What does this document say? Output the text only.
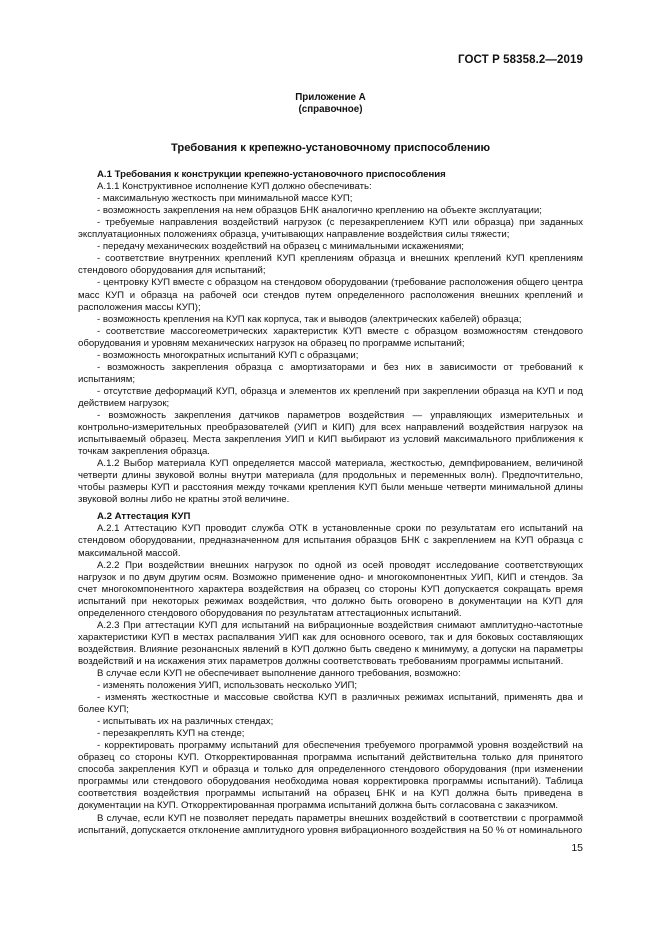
ГОСТ Р 58358.2—2019
Приложение А
(справочное)
Требования к крепежно-установочному приспособлению
А.1 Требования к конструкции крепежно-установочного приспособления

А.1.1 Конструктивное исполнение КУП должно обеспечивать:

- максимальную жесткость при минимальной массе КУП;

- возможность закрепления на нем образцов БНК аналогично креплению на объекте эксплуатации;

- требуемые направления воздействий нагрузок (с перезакреплением КУП или образца) при заданных эксплуатационных положениях образца, учитывающих направление воздействия силы тяжести;

- передачу механических воздействий на образец с минимальными искажениями;

- соответствие внутренних креплений КУП креплениям образца и внешних креплений КУП креплениям стендового оборудования для испытаний;

- центровку КУП вместе с образцом на стендовом оборудовании (требование расположения общего центра масс КУП и образца на рабочей оси стендов путем определенного расположения внешних креплений и расположения массы КУП);

- возможность крепления на КУП как корпуса, так и выводов (электрических кабелей) образца;

- соответствие массогеометрических характеристик КУП вместе с образцом возможностям стендового оборудования и уровням механических нагрузок на образец по программе испытаний;

- возможность многократных испытаний КУП с образцами;

- возможность закрепления образца с амортизаторами и без них в зависимости от требований к испытаниям;

- отсутствие деформаций КУП, образца и элементов их креплений при закреплении образца на КУП и под действием нагрузок;

- возможность закрепления датчиков параметров воздействия — управляющих измерительных и контрольно-измерительных преобразователей (УИП и КИП) для всех направлений воздействия нагрузок на испытываемый образец. Места закрепления УИП и КИП выбирают из условий максимального приближения к точкам закрепления образца.

А.1.2 Выбор материала КУП определяется массой материала, жесткостью, демпфированием, величиной четверти длины звуковой волны внутри материала (для продольных и переменных волн). Предпочтительно, чтобы размеры КУП и расстояния между точками крепления КУП были меньше четверти минимальной длины звуковой волны либо не кратны этой величине.

А.2 Аттестация КУП

А.2.1 Аттестацию КУП проводит служба ОТК в установленные сроки по результатам его испытаний на стендовом оборудовании, предназначенном для испытания образцов БНК с закреплением на КУП образца с максимальной массой.

А.2.2 При воздействии внешних нагрузок по одной из осей проводят исследование соответствующих нагрузок и по двум другим осям. Возможно применение одно- и многокомпонентных УИП, КИП и стендов. За счет многокомпонентного характера воздействия на образец со стороны КУП допускается сокращать время испытаний при некоторых режимах воздействия, что должно быть оговорено в документации на КУП для определенного стендового оборудования по результатам аттестационных испытаний.

А.2.3 При аттестации КУП для испытаний на вибрационные воздействия снимают амплитудно-частотные характеристики КУП в местах распалвания УИП как для основного осевого, так и для боковых составляющих воздействия. Влияние резонансных явлений в КУП должно быть сведено к минимуму, а допуски на параметры воздействий и на искажения этих параметров должны соответствовать требованиям программы испытаний.

В случае если КУП не обеспечивает выполнение данного требования, возможно:

- изменять положения УИП, использовать несколько УИП;

- изменять жесткостные и массовые свойства КУП в различных режимах испытаний, применять два и более КУП;

- испытывать их на различных стендах;

- перезакреплять КУП на стенде;

- корректировать программу испытаний для обеспечения требуемого программой уровня воздействий на образец со стороны КУП. Откорректированная программа испытаний действительна только для принятого способа закрепления КУП и образца и только для определенного стендового оборудования (при изменении программы или стендового оборудования необходима новая корректировка программы испытаний). Таблица соответствия воздействия программы испытаний на образец БНК и на КУП должна быть приведена в документации на КУП. Откорректированная программа испытаний должна быть согласована с заказчиком.

В случае, если КУП не позволяет передать параметры внешних воздействий в соответствии с программой испытаний, допускается отклонение амплитудного уровня вибрационного воздействия на 50 % от номинального

15
